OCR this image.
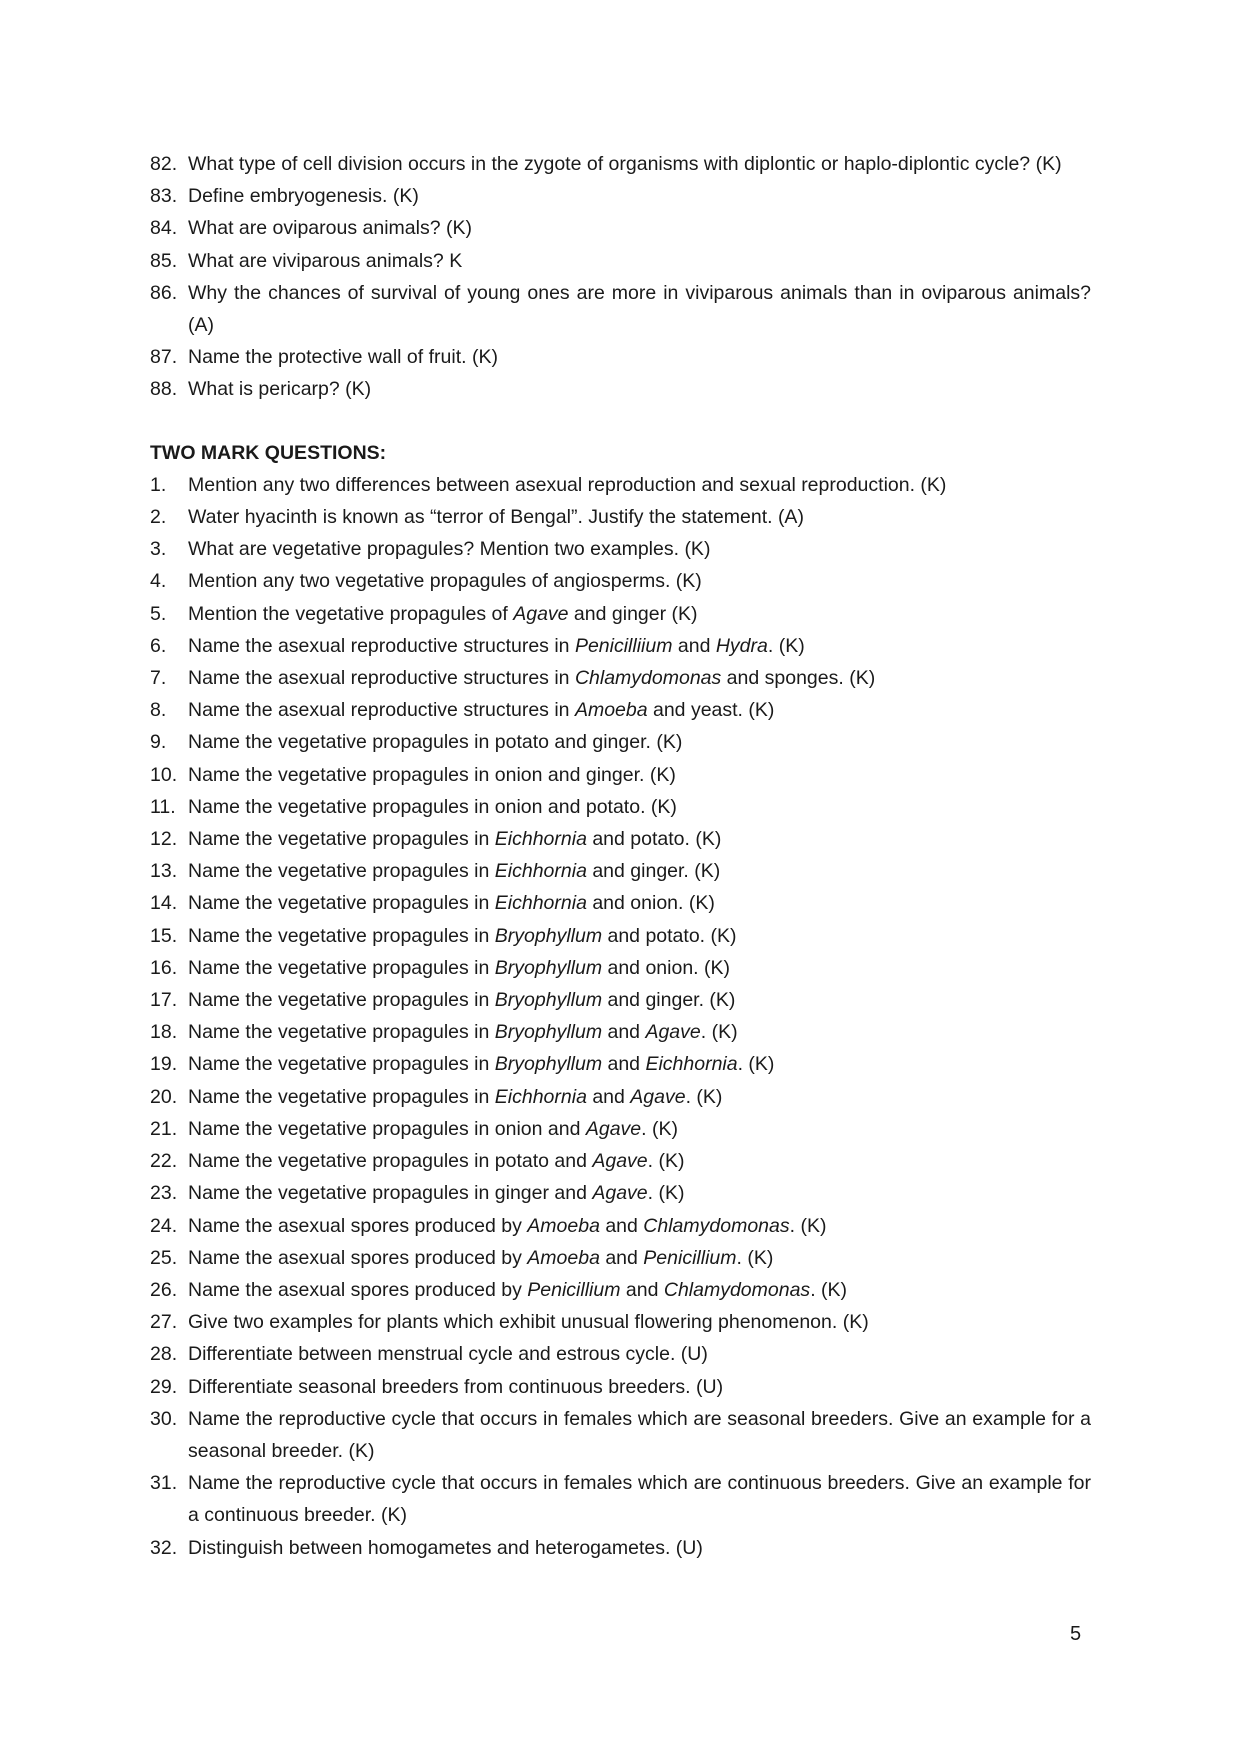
82. What type of cell division occurs in the zygote of organisms with diplontic or haplo-diplontic cycle? (K)
83. Define embryogenesis. (K)
84. What are oviparous animals? (K)
85. What are viviparous animals? K
86. Why the chances of survival of young ones are more in viviparous animals than in oviparous animals? (A)
87. Name the protective wall of fruit. (K)
88. What is pericarp? (K)
TWO MARK QUESTIONS:
1. Mention any two differences between asexual reproduction and sexual reproduction. (K)
2. Water hyacinth is known as “terror of Bengal”. Justify the statement. (A)
3. What are vegetative propagules? Mention two examples. (K)
4. Mention any two vegetative propagules of angiosperms. (K)
5. Mention the vegetative propagules of Agave and ginger (K)
6. Name the asexual reproductive structures in Penicilliium and Hydra. (K)
7. Name the asexual reproductive structures in Chlamydomonas and sponges. (K)
8. Name the asexual reproductive structures in Amoeba and yeast. (K)
9. Name the vegetative propagules in potato and ginger. (K)
10. Name the vegetative propagules in onion and ginger. (K)
11. Name the vegetative propagules in onion and potato. (K)
12. Name the vegetative propagules in Eichhornia and potato. (K)
13. Name the vegetative propagules in Eichhornia and ginger. (K)
14. Name the vegetative propagules in Eichhornia and onion. (K)
15. Name the vegetative propagules in Bryophyllum and potato. (K)
16. Name the vegetative propagules in Bryophyllum and onion. (K)
17. Name the vegetative propagules in Bryophyllum and ginger. (K)
18. Name the vegetative propagules in Bryophyllum and Agave. (K)
19. Name the vegetative propagules in Bryophyllum and Eichhornia. (K)
20. Name the vegetative propagules in Eichhornia and Agave. (K)
21. Name the vegetative propagules in onion and Agave. (K)
22. Name the vegetative propagules in potato and Agave. (K)
23. Name the vegetative propagules in ginger and Agave. (K)
24. Name the asexual spores produced by Amoeba and Chlamydomonas. (K)
25. Name the asexual spores produced by Amoeba and Penicillium. (K)
26. Name the asexual spores produced by Penicillium and Chlamydomonas. (K)
27. Give two examples for plants which exhibit unusual flowering phenomenon. (K)
28. Differentiate between menstrual cycle and estrous cycle. (U)
29. Differentiate seasonal breeders from continuous breeders. (U)
30. Name the reproductive cycle that occurs in females which are seasonal breeders. Give an example for a seasonal breeder. (K)
31. Name the reproductive cycle that occurs in females which are continuous breeders. Give an example for a continuous breeder. (K)
32. Distinguish between homogametes and heterogametes. (U)
5
